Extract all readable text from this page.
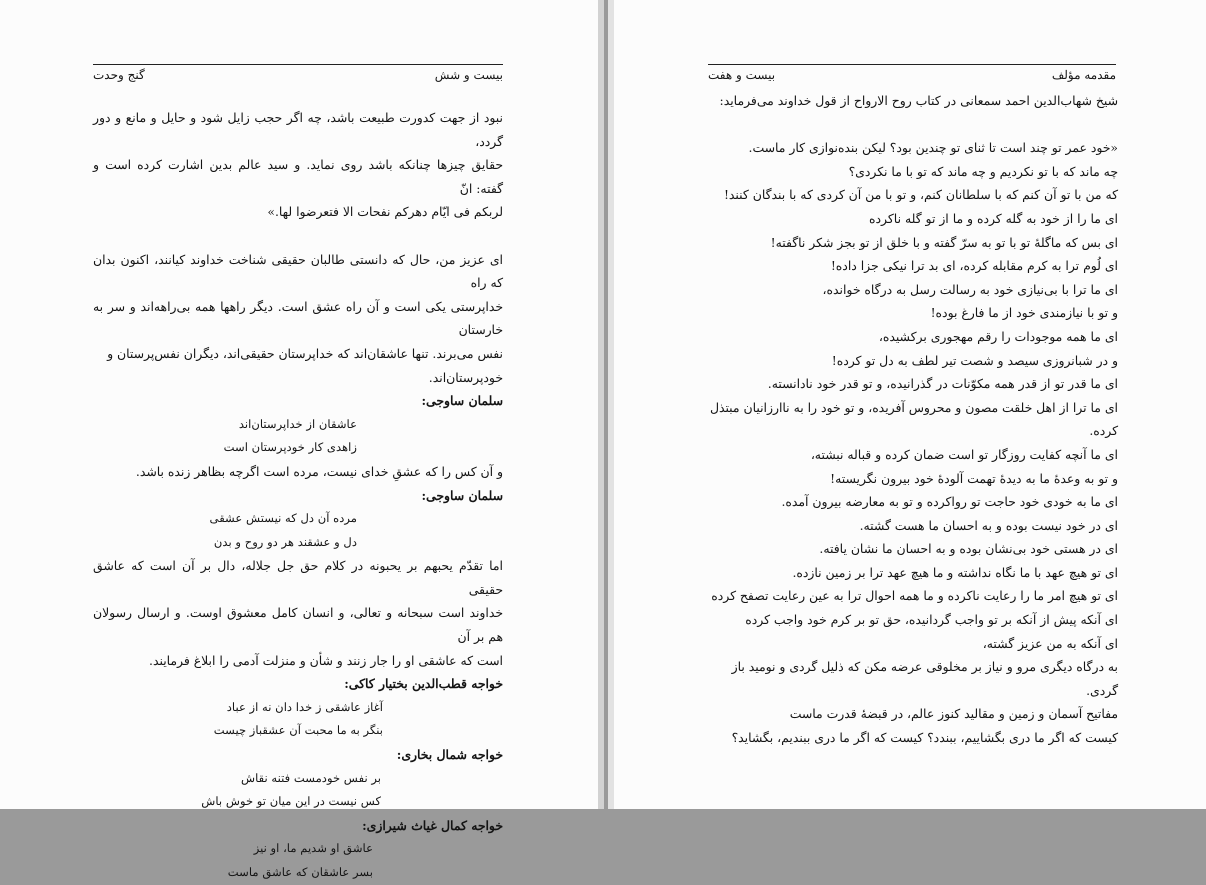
گنج وحدت	بیست و شش

نبود از جهت کدورت طبیعت باشد، چه اگر حجب زایل شود و حایل و مانع و دور گردد،

حقایق چیزها چنانکه باشد روی نماید. و سید عالم بدین اشارت کرده است و گفته: انّ

لربکم فی ایّام دهرکم نفحات الا فتعرضوا لها.»

ای عزیز من، حال که دانستی طالبان حقیقی شناخت خداوند کیانند، اکنون بدان که راه

خداپرستی یکی است و آن راه عشق است. دیگر راهها همه بی‌راهه‌اند و سر به خارستان

نفس می‌برند. تنها عاشقان‌اند که خداپرستان حقیقی‌اند، دیگران نفس‌پرستان و خودپرستان‌اند.

سلمان ساوجی:

عاشقان از خداپرستان‌اند
زاهدی کار خودپرستان است

و آن کس را که عشقِ خدای نیست، مرده است اگرچه بظاهر زنده باشد.

سلمان ساوجی:

مرده آن دل که نیستش عشقی
دل و عشقند هر دو روح و بدن

اما تقدّم یحبهم بر یحبونه در کلام حق جل جلاله، دال بر آن است که عاشق حقیقی

خداوند است سبحانه و تعالی، و انسان کامل معشوق اوست. و ارسال رسولان هم بر آن

است که عاشقی او را جار زنند و شأن و منزلت آدمی را ابلاغ فرمایند.

خواجه قطب‌الدین بختیار کاکی:

آغاز عاشقی ز خدا دان نه از عباد
بنگر به ما محبت آن عشقباز چیست

خواجه شمال بخاری:

بر نفس خودمست فتنه نقاش
کس نیست در این میان تو خوش باش

خواجه کمال غیاث شیرازی:

عاشق او شدیم ما، او نیز
بسر عاشقان که عاشق ماست
بیست و هفت	مقدمه مؤلف

شیخ شهاب‌الدین احمد سمعانی در کتاب روح الارواح از قول خداوند می‌فرماید:

«خود عمر تو چند است تا ثنای تو چندین بود؟ لیکن بنده‌نوازی کار ماست.

چه ماند که با تو نکردیم و چه ماند که تو با ما نکردی؟

که من با تو آن کنم که با سلطانان کنم، و تو با من آن کردی که با بندگان کنند!

ای ما را از خود به گله کرده و ما از تو گله ناکرده

ای بس که ماگلهٔ تو با تو به سرّ گفته و با خلق از تو بجز شکر ناگفته!

ای لُوم ترا به کرم مقابله کرده، ای بد ترا نیکی جزا داده!

ای ما ترا با بی‌نیازی خود به رسالت رسل به درگاه خوانده،

و تو با نیازمندی خود از ما فارغ بوده!

ای ما همه موجودات را رقم مهجوری برکشیده،

و در شبانروزی سیصد و شصت تیر لطف به دل تو کرده!

ای ما قدر تو از قدر همه مکوّنات در گذرانیده، و تو قدر خود نادانسته.

ای ما ترا از اهل خلقت مصون و محروس آفریده، و تو خود را به ناارزانیان مبتذل کرده.

ای ما آنچه کفایت روزگار تو است ضمان کرده و قباله نبشته،

و تو به وعدهٔ ما به دیدهٔ تهمت آلودهٔ خود بیرون نگریسته!

ای ما به خودی خود حاجت تو رواکرده و تو به معارضه بیرون آمده.

ای در خود نیست بوده و به احسان ما هست گشته.

ای در هستی خود بی‌نشان بوده و به احسان ما نشان یافته.

ای تو هیچ عهد با ما نگاه نداشته و ما هیچ عهد ترا بر زمین نازده.

ای تو هیچ امر ما را رعایت ناکرده و ما همه احوال ترا به عین رعایت تصفح کرده

ای آنکه پیش از آنکه بر تو واجب گردانیده، حق تو بر کرم خود واجب کرده

ای آنکه به من عزیز گشته،

به درگاه دیگری مرو و نیاز بر مخلوقی عرضه مکن که ذلیل گردی و نومید باز گردی.

مفاتیح آسمان و زمین و مقالید کنوز عالم، در قبضهٔ قدرت ماست

کیست که اگر ما دری بگشاییم، ببندد؟ کیست که اگر ما دری ببندیم، بگشاید؟
